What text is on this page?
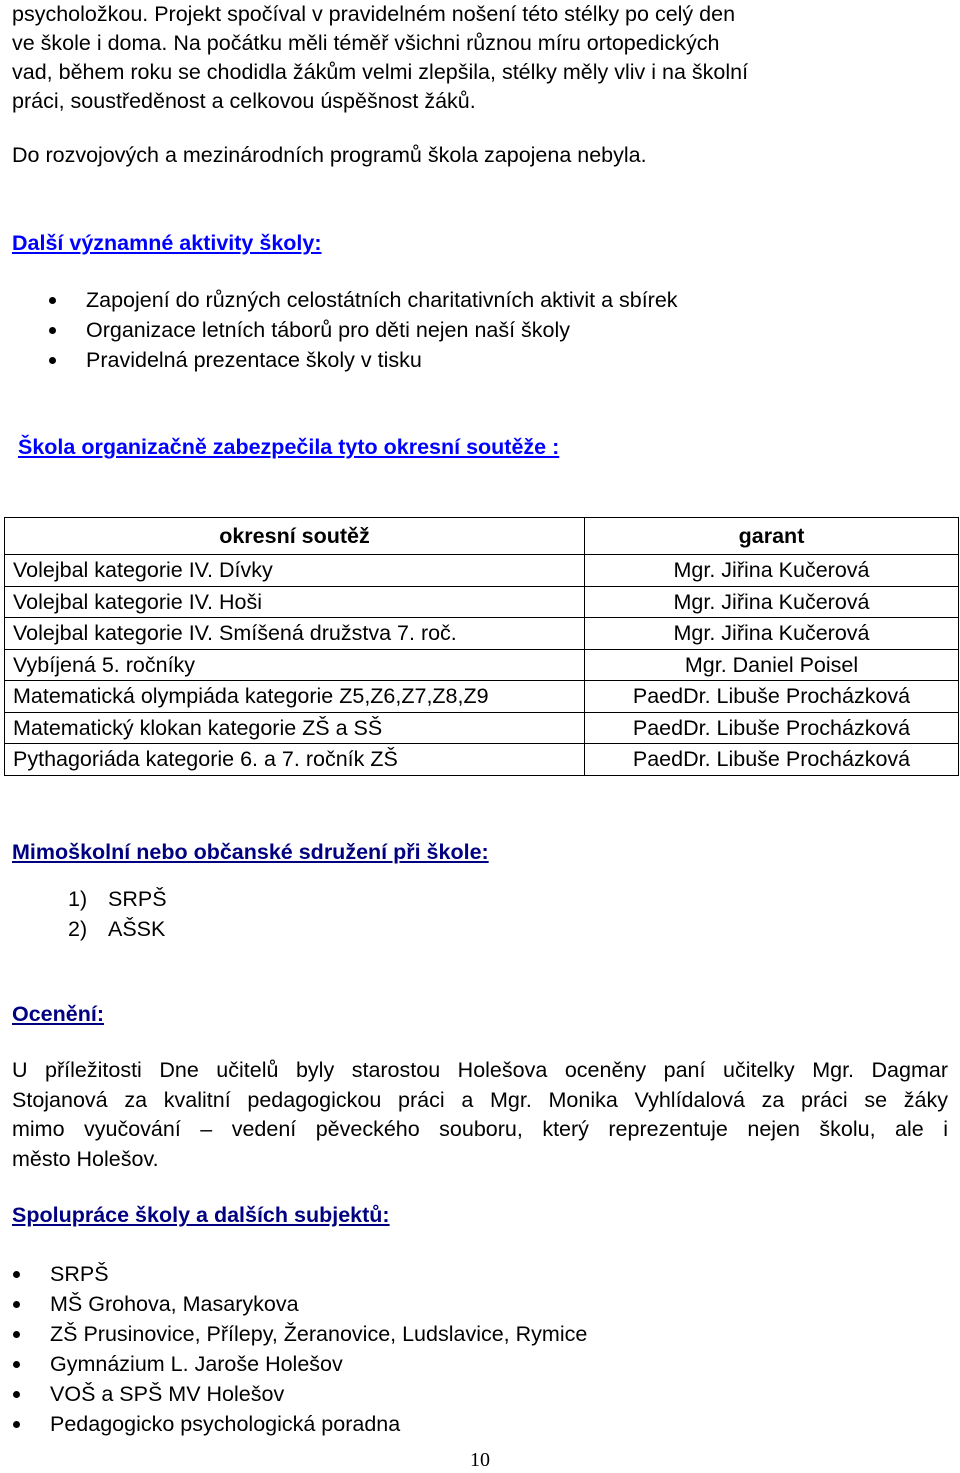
psycholožkou. Projekt spočíval v pravidelném nošení této stélky po celý den

ve škole i doma. Na počátku měli téměř všichni různou míru ortopedických

vad, během roku se chodidla žákům velmi zlepšila, stélky měly vliv i na školní

práci, soustředěnost a celkovou úspěšnost žáků.

Do rozvojových a mezinárodních programů škola zapojena nebyla.

Další významné aktivity školy:
Zapojení do různých celostátních charitativních aktivit a sbírek
Organizace letních táborů pro děti nejen naší školy
Pravidelná prezentace školy v tisku
Škola organizačně zabezpečila tyto okresní soutěže :
okresní soutěž	garant
Volejbal kategorie IV. Dívky	Mgr. Jiřina Kučerová
Volejbal kategorie IV. Hoši	Mgr. Jiřina Kučerová
Volejbal kategorie IV. Smíšená družstva 7. roč.	Mgr. Jiřina Kučerová
Vybíjená 5. ročníky	Mgr. Daniel Poisel
Matematická olympiáda kategorie Z5,Z6,Z7,Z8,Z9	PaedDr. Libuše Procházková
Matematický klokan kategorie ZŠ a SŠ	PaedDr. Libuše Procházková
Pythagoriáda kategorie 6. a 7. ročník ZŠ	PaedDr. Libuše Procházková
Mimoškolní nebo občanské sdružení při škole:
1) SRPŠ
2) AŠSK
Ocenění:

U příležitosti Dne učitelů byly starostou Holešova oceněny paní učitelky Mgr. Dagmar

Stojanová za kvalitní pedagogickou práci a Mgr. Monika Vyhlídalová za práci se žáky

mimo vyučování – vedení pěveckého souboru, který reprezentuje nejen školu, ale i

město Holešov.

Spolupráce školy a dalších subjektů:
SRPŠ
MŠ Grohova, Masarykova
ZŠ Prusinovice, Přílepy, Žeranovice, Ludslavice, Rymice
Gymnázium L. Jaroše Holešov
VOŠ a SPŠ MV Holešov
Pedagogicko psychologická poradna
10
